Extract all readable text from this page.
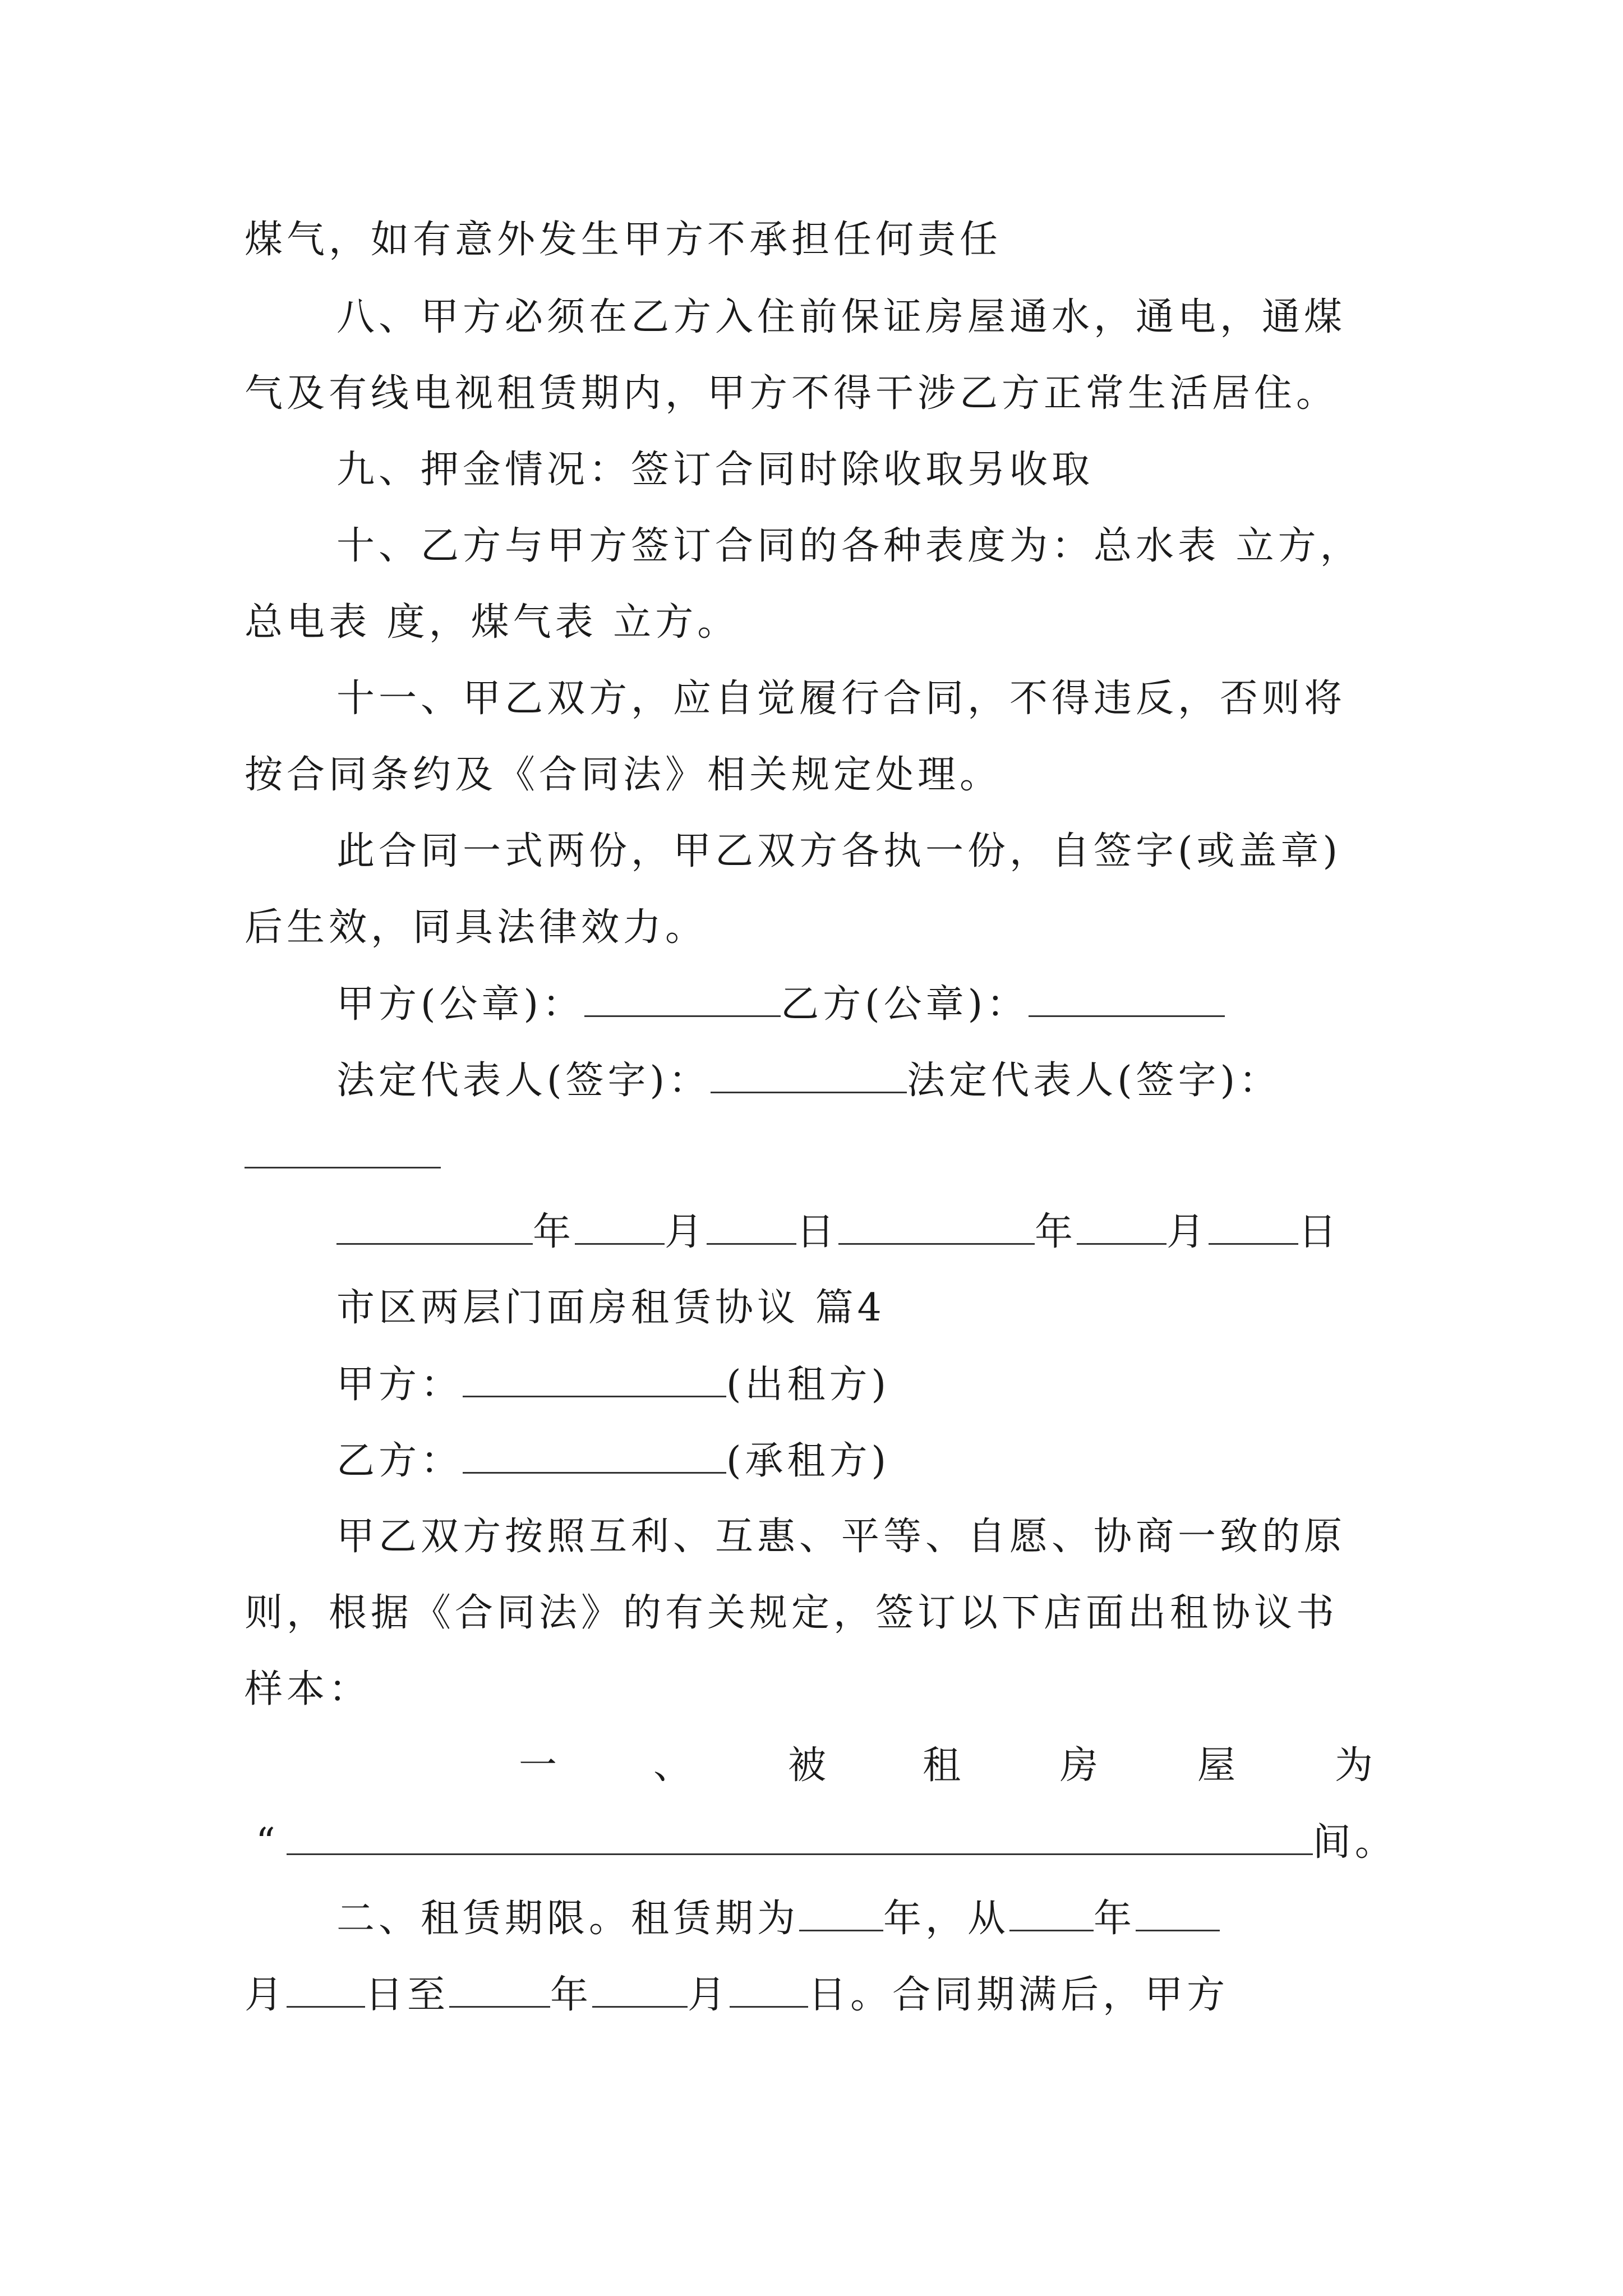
煤气，如有意外发生甲方不承担任何责任
八、甲方必须在乙方入住前保证房屋通水，通电，通煤
气及有线电视租赁期内，甲方不得干涉乙方正常生活居住。
九、押金情况：签订合同时除收取另收取
十、乙方与甲方签订合同的各种表度为：总水表 立方，
总电表 度，煤气表 立方。
十一、甲乙双方，应自觉履行合同，不得违反，否则将
按合同条约及《合同法》相关规定处理。
此合同一式两份，甲乙双方各执一份，自签字(或盖章)
后生效，同具法律效力。
甲方(公章)：	乙方(公章)：
法定代表人(签字)：	法定代表人(签字)：
年 月 日	年 月 日
市区两层门面房租赁协议 篇4
甲方：	(出租方)
乙方：	(承租方)
甲乙双方按照互利、互惠、平等、自愿、协商一致的原
则，根据《合同法》的有关规定，签订以下店面出租协议书
样本：
一	、	被	租	房	屋	为
“	间。
二、租赁期限。租赁期为 年，从 年
月 日至	年	月 日。合同期满后，甲方
